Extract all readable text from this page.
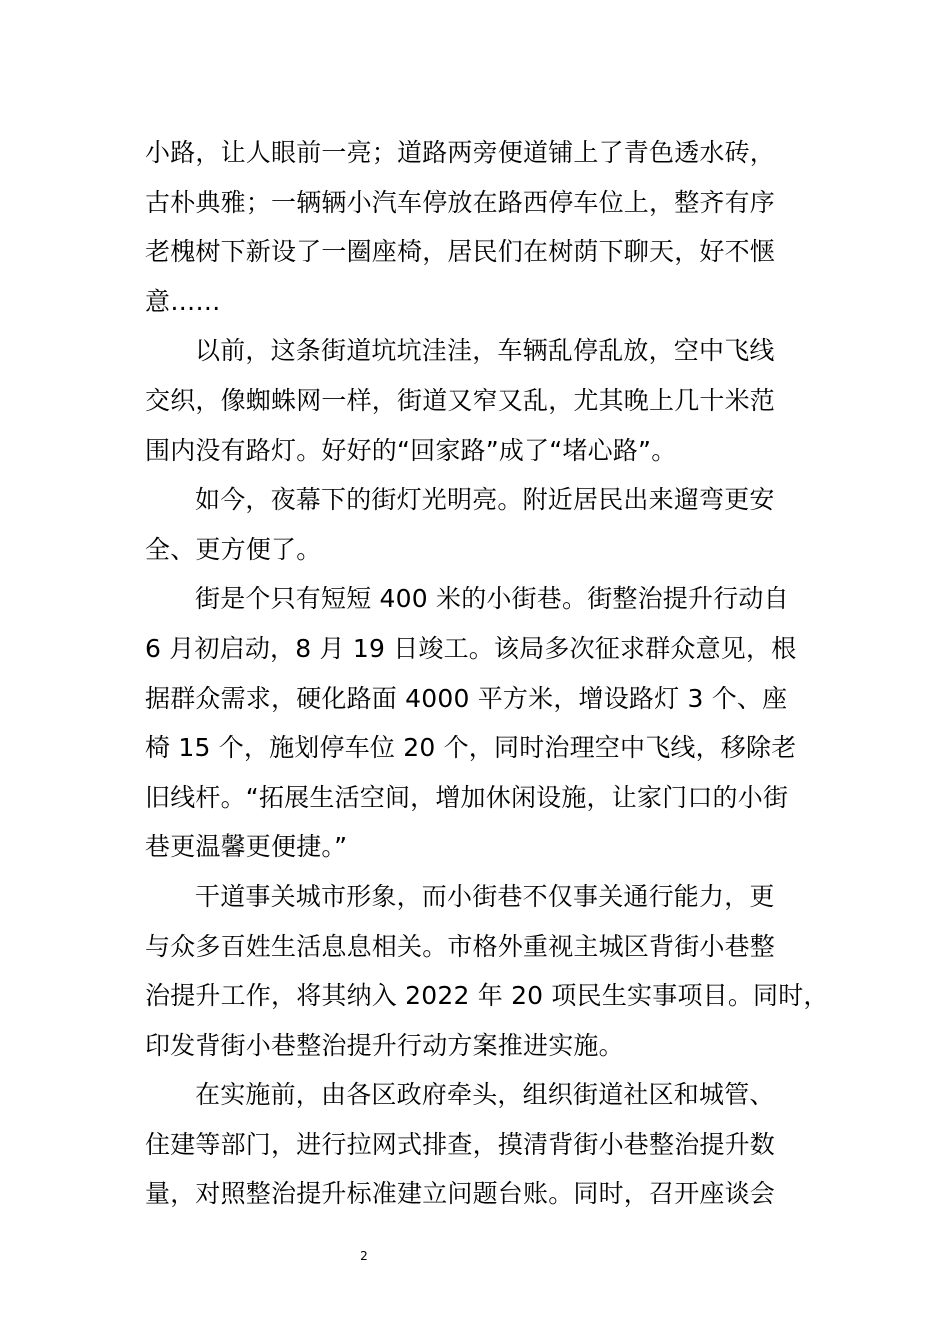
小路，让人眼前一亮；道路两旁便道铺上了青色透水砖，
古朴典雅；一辆辆小汽车停放在路西停车位上，整齐有序
老槐树下新设了一圈座椅，居民们在树荫下聊天，好不惬
意……
以前，这条街道坑坑洼洼，车辆乱停乱放，空中飞线
交织，像蜘蛛网一样，街道又窄又乱，尤其晚上几十米范
围内没有路灯。好好的“回家路”成了“堵心路”。
如今，夜幕下的街灯光明亮。附近居民出来遛弯更安
全、更方便了。
街是个只有短短 400 米的小街巷。街整治提升行动自
6 月初启动，8 月 19 日竣工。该局多次征求群众意见，根
据群众需求，硬化路面 4000 平方米，增设路灯 3 个、座
椅 15 个，施划停车位 20 个，同时治理空中飞线，移除老
旧线杆。“拓展生活空间，增加休闲设施，让家门口的小街
巷更温馨更便捷。”
干道事关城市形象，而小街巷不仅事关通行能力，更
与众多百姓生活息息相关。市格外重视主城区背街小巷整
治提升工作，将其纳入 2022 年 20 项民生实事项目。同时，
印发背街小巷整治提升行动方案推进实施。
在实施前，由各区政府牵头，组织街道社区和城管、
住建等部门，进行拉网式排查，摸清背街小巷整治提升数
量，对照整治提升标准建立问题台账。同时，召开座谈会
2
